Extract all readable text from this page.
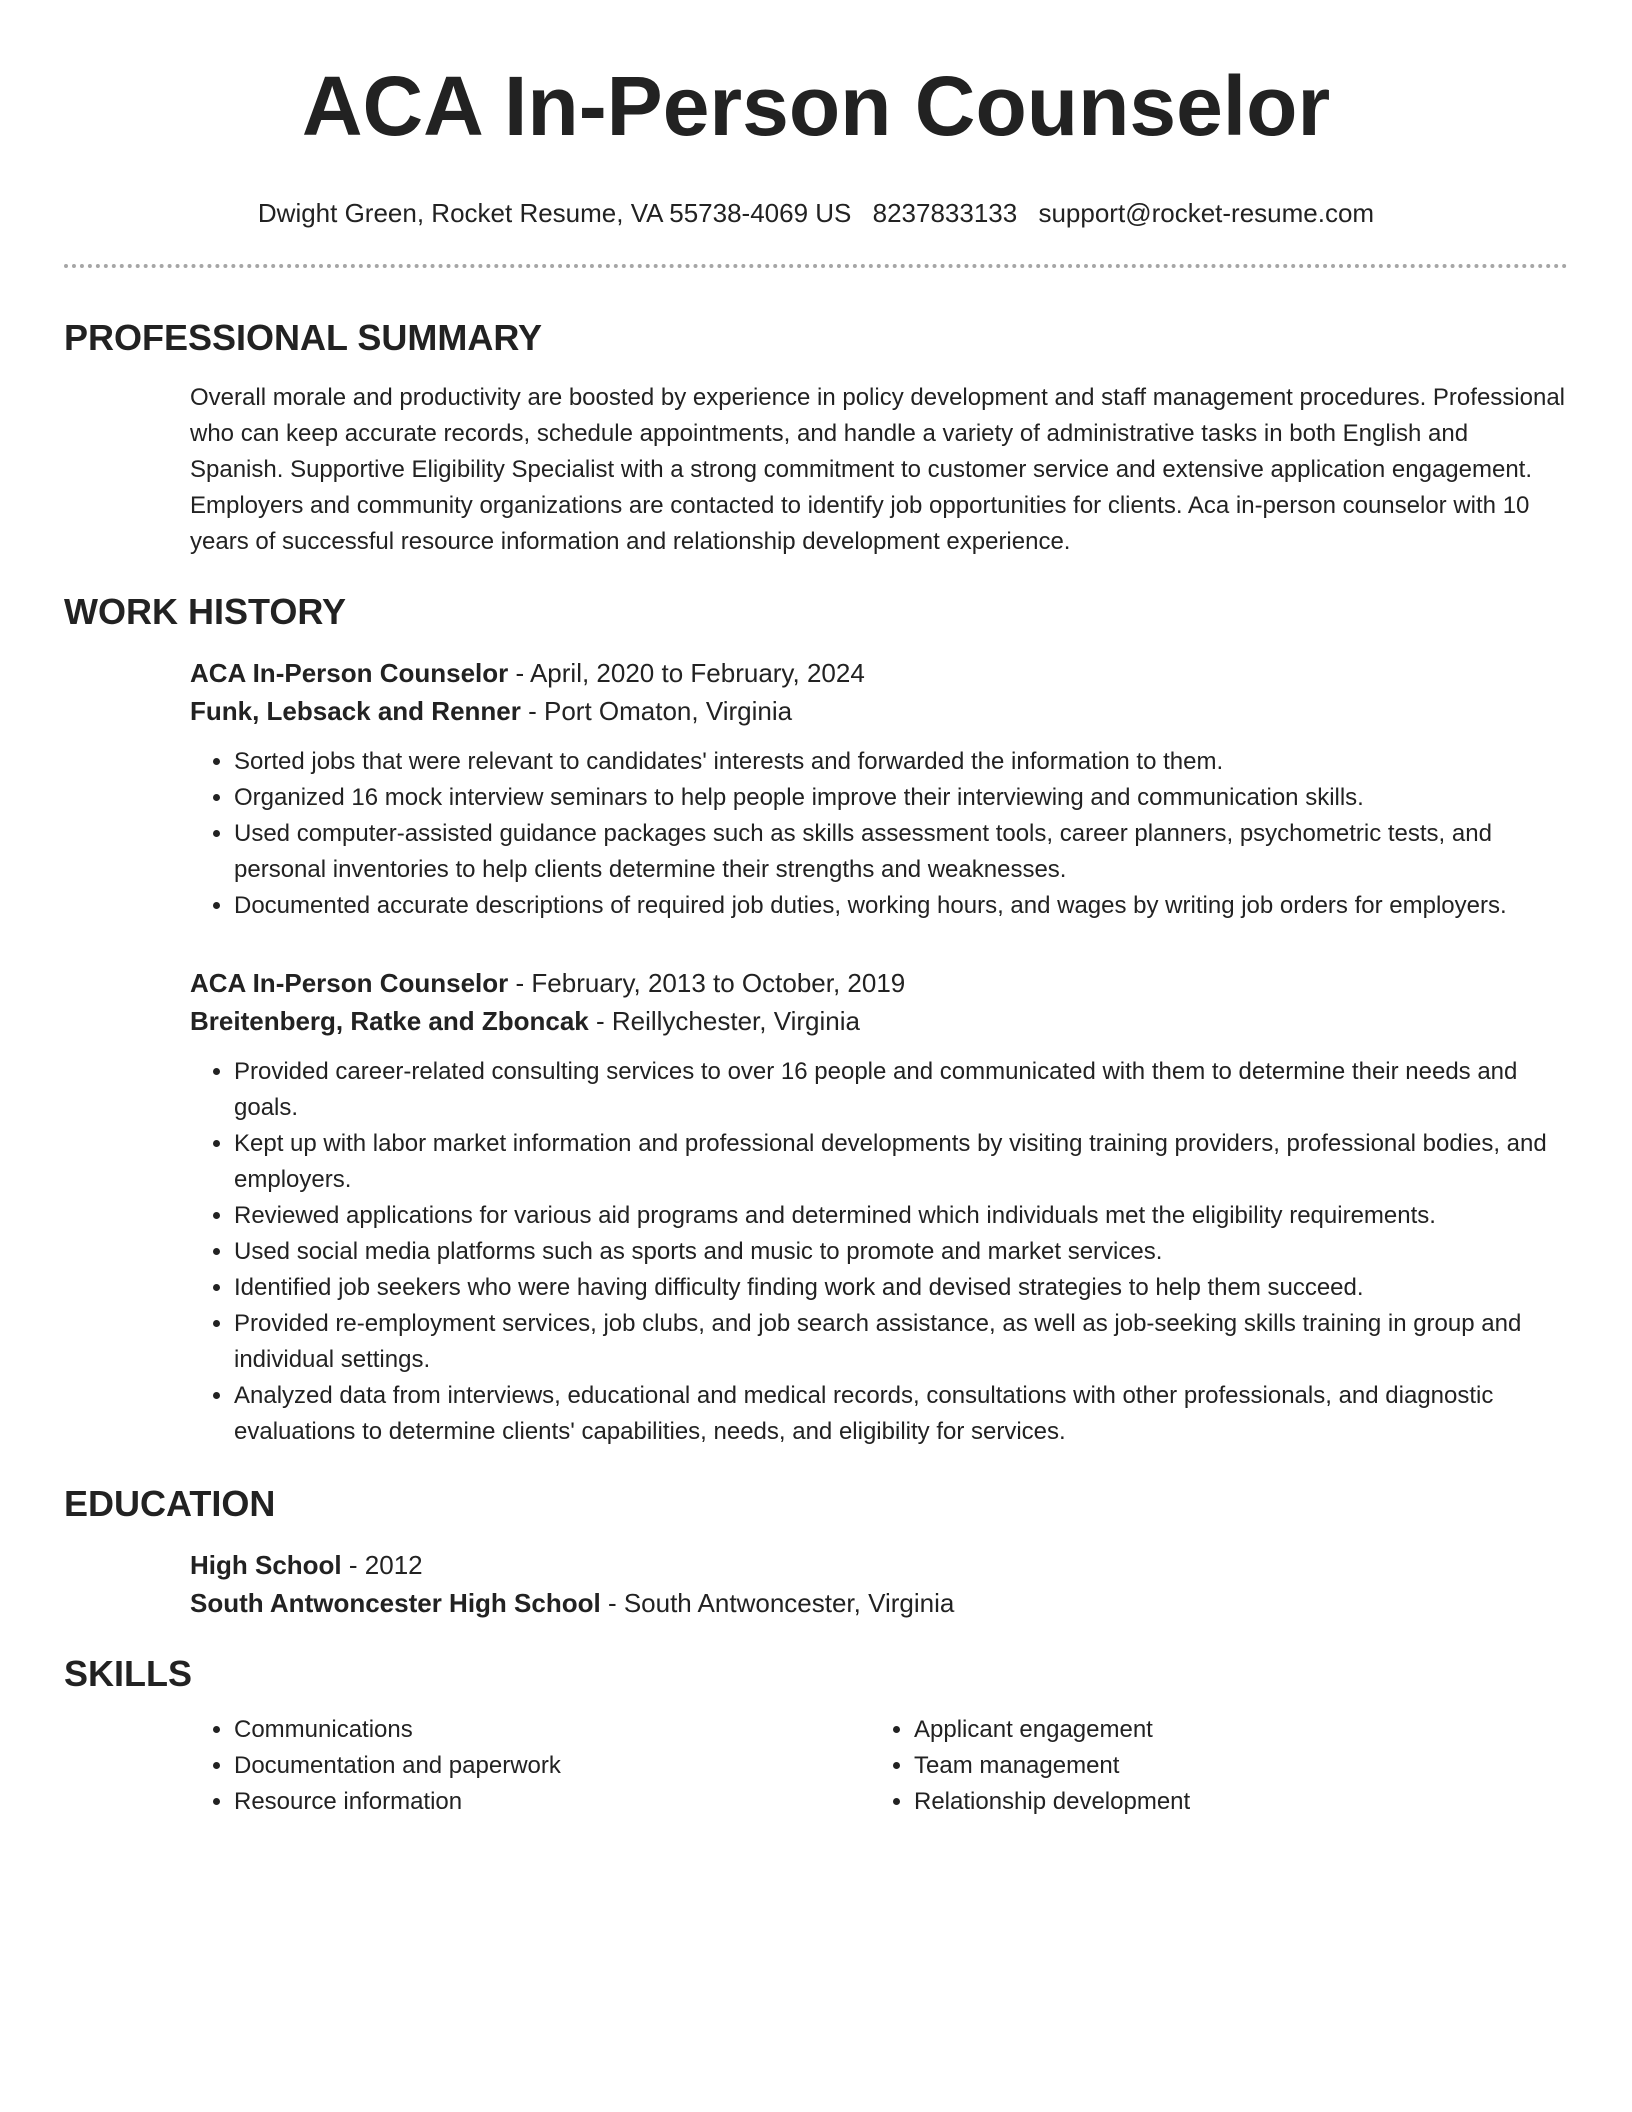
ACA In-Person Counselor
Dwight Green, Rocket Resume, VA 55738-4069 US 8237833133 support@rocket-resume.com
PROFESSIONAL SUMMARY
Overall morale and productivity are boosted by experience in policy development and staff management procedures. Professional who can keep accurate records, schedule appointments, and handle a variety of administrative tasks in both English and Spanish. Supportive Eligibility Specialist with a strong commitment to customer service and extensive application engagement. Employers and community organizations are contacted to identify job opportunities for clients. Aca in-person counselor with 10 years of successful resource information and relationship development experience.
WORK HISTORY
ACA In-Person Counselor - April, 2020 to February, 2024
Funk, Lebsack and Renner - Port Omaton, Virginia
• Sorted jobs that were relevant to candidates' interests and forwarded the information to them.
• Organized 16 mock interview seminars to help people improve their interviewing and communication skills.
• Used computer-assisted guidance packages such as skills assessment tools, career planners, psychometric tests, and personal inventories to help clients determine their strengths and weaknesses.
• Documented accurate descriptions of required job duties, working hours, and wages by writing job orders for employers.
ACA In-Person Counselor - February, 2013 to October, 2019
Breitenberg, Ratke and Zboncak - Reillychester, Virginia
• Provided career-related consulting services to over 16 people and communicated with them to determine their needs and goals.
• Kept up with labor market information and professional developments by visiting training providers, professional bodies, and employers.
• Reviewed applications for various aid programs and determined which individuals met the eligibility requirements.
• Used social media platforms such as sports and music to promote and market services.
• Identified job seekers who were having difficulty finding work and devised strategies to help them succeed.
• Provided re-employment services, job clubs, and job search assistance, as well as job-seeking skills training in group and individual settings.
• Analyzed data from interviews, educational and medical records, consultations with other professionals, and diagnostic evaluations to determine clients' capabilities, needs, and eligibility for services.
EDUCATION
High School - 2012
South Antwoncester High School - South Antwoncester, Virginia
SKILLS
• Communications
• Documentation and paperwork
• Resource information
• Applicant engagement
• Team management
• Relationship development
